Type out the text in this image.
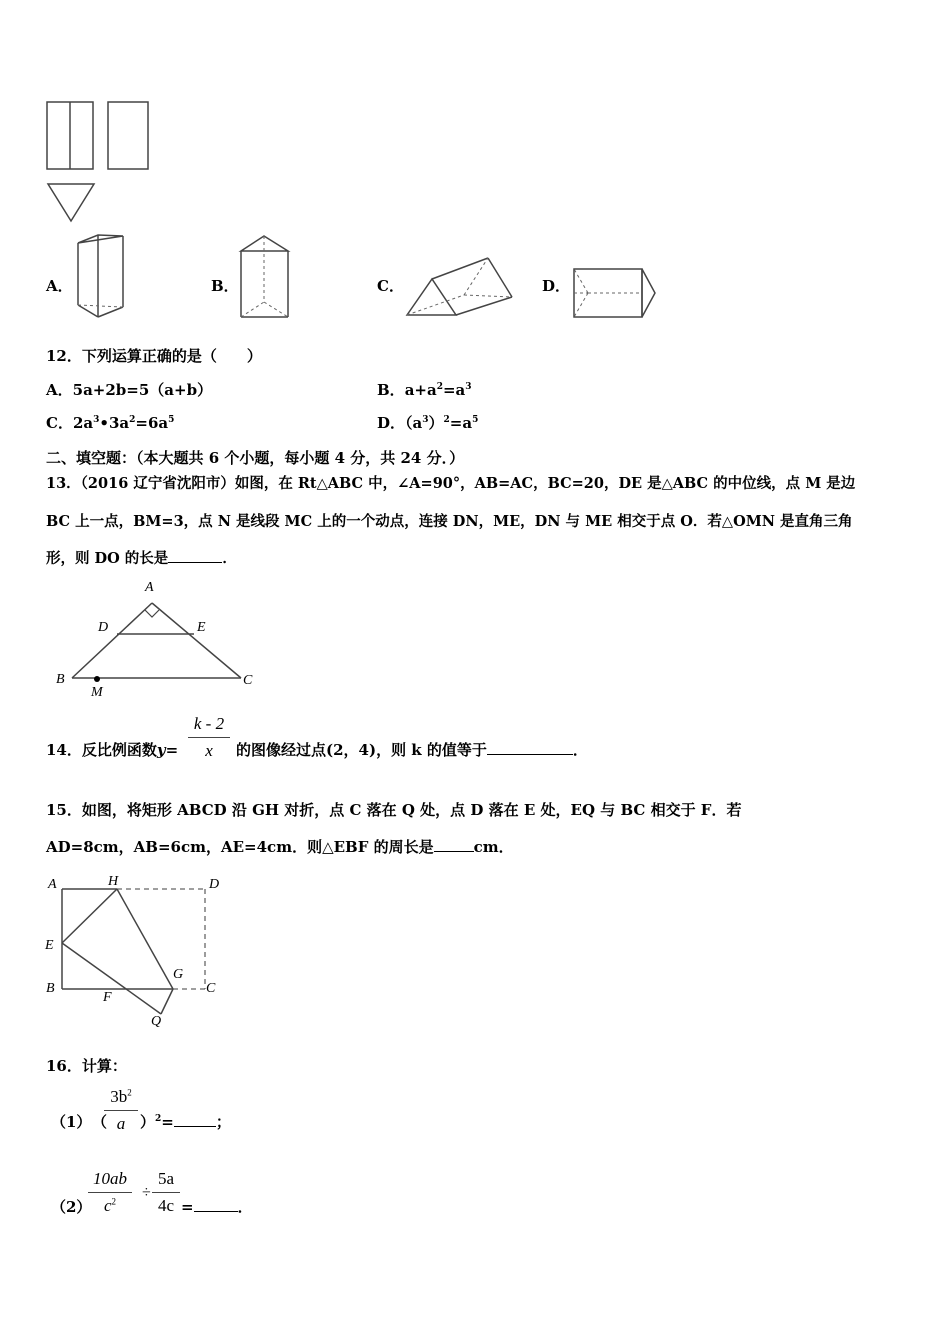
A．	B．	C．	D．
12．下列运算正确的是（　　）
A．5a+2b=5（a+b）	B．$a+a^2=a^3$
C．$2a^3•3a^2=6a^5$	D．$(a^3)^2=a^5$
二、填空题：（本大题共 6 个小题，每小题 4 分，共 24 分．）
13．（2016 辽宁省沈阳市）如图，在 Rt△ABC 中，∠A=90°，AB=AC，BC=20，DE 是△ABC 的中位线，点 M 是边
BC 上一点，BM=3，点 N 是线段 MC 上的一个动点，连接 DN，ME，DN 与 ME 相交于点 O．若△OMN 是直角三角
形，则 DO 的长是	．
A
D	E
B	C
M
14．反比例函数y=
k - 2
x	的图像经过点(2，4)，则 k 的值等于	．
15．如图，将矩形 ABCD 沿 GH 对折，点 C 落在 Q 处，点 D 落在 E 处，EQ 与 BC 相交于 F．若
AD=8cm，AB=6cm，AE=4cm．则△EBF 的周长是	cm．
A	H	D
E
G
B
F
C
Q
16．计算：
（1） （
$3b^2$
a ）$^2$=	；
（2）
10ab
$c^2$
÷
5a
4c =	．
